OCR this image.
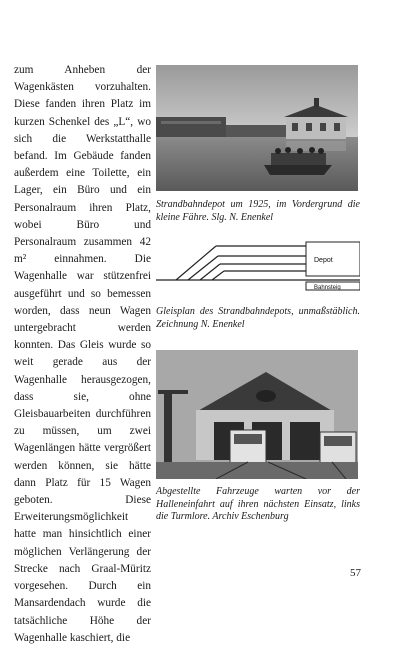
zum Anheben der Wagenkästen vorzuhalten. Diese fanden ihren Platz im kurzen Schenkel des „L“, wo sich die Werkstatthalle befand. Im Gebäude fanden außerdem eine Toilette, ein Lager, ein Büro und ein Personalraum ihren Platz, wobei Büro und Personalraum zusammen 42 m² einnahmen. Die Wagenhalle war stützenfrei ausgeführt und so bemessen worden, dass neun Wagen untergebracht werden konnten. Das Gleis wurde so weit gerade aus der Wagenhalle herausgezogen, dass sie, ohne Gleisbauarbeiten durchführen zu müssen, um zwei Wagenlängen hätte vergrößert werden können, sie hätte dann Platz für 15 Wagen geboten. Diese Erweiterungsmöglichkeit hatte man hinsichtlich einer möglichen Verlängerung der Strecke nach Graal-Müritz vorgesehen. Durch ein Mansardendach wurde die tatsächliche Höhe der Wagenhalle kaschiert, die

Strandbahndepot um 1925, im Vordergrund die kleine Fähre. Slg. N. Enenkel
Depot
Bahnsteig
Gleisplan des Strandbahndepots, unmaßstäblich. Zeichnung N. Enenkel
Abgestellte Fahrzeuge warten vor der Halleneinfahrt auf ihren nächsten Einsatz, links die Turmlore. Archiv Eschenburg
57
